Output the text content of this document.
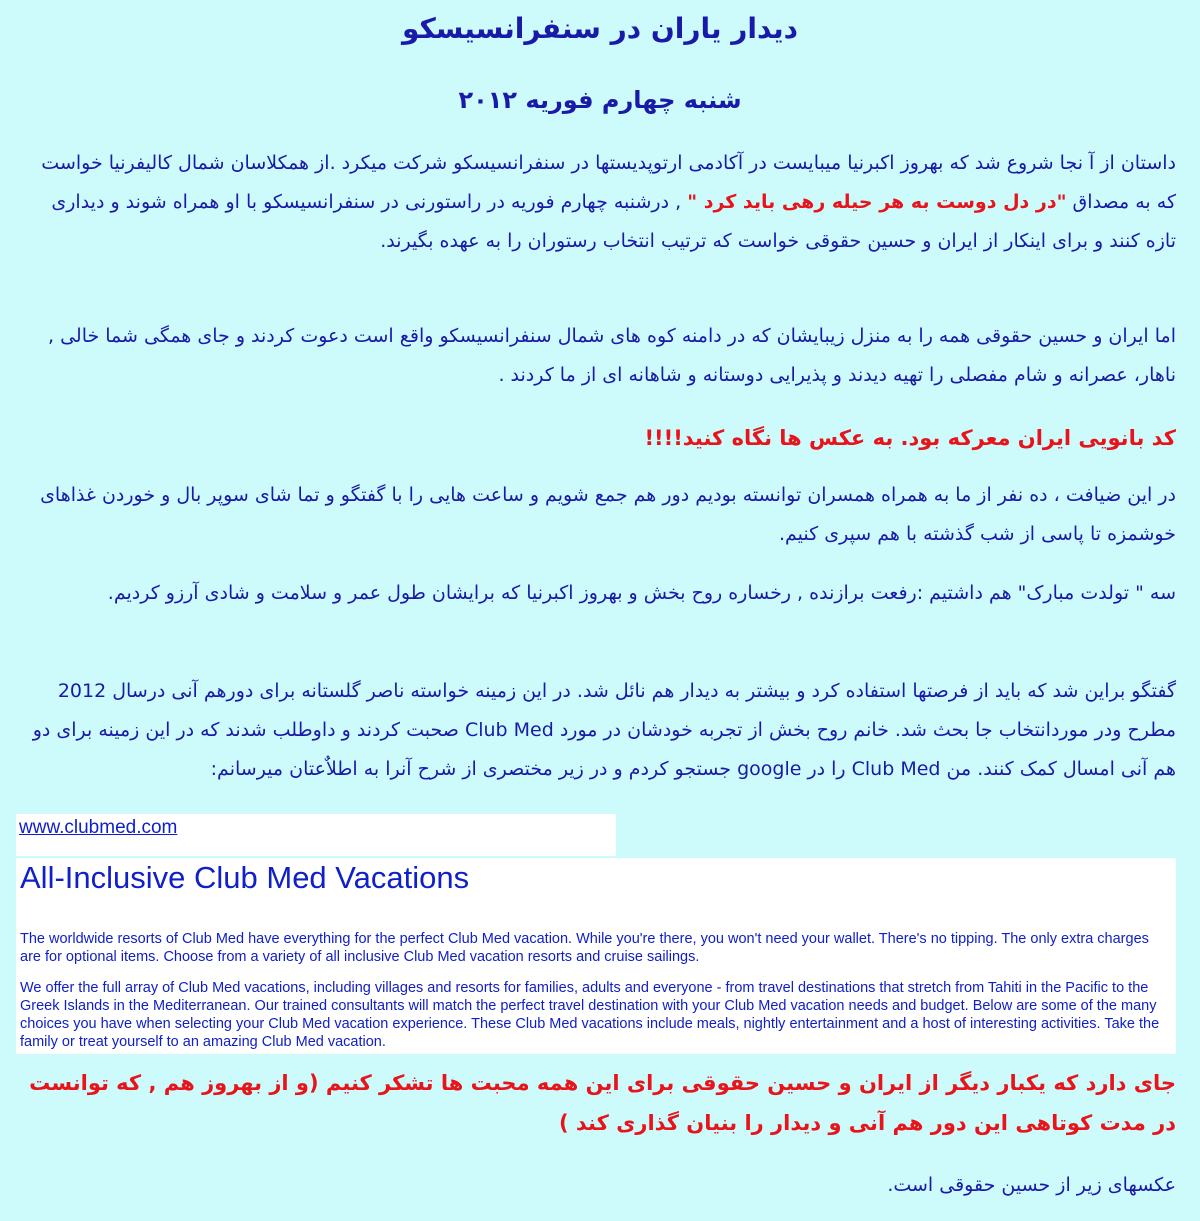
دیدار یاران در سنفرانسیسکو
شنبه چهارم فوریه ۲۰۱۲
داستان از آ نجا شروع شد که بهروز اکبرنیا میبایست در آکادمی ارتوپدیستها در سنفرانسیسکو شرکت میکرد .از همکلاسان شمال کالیفرنیا خواست که به مصداق "در دل دوست به هر حیله رهی باید کرد " , درشنبه چهارم فوریه در راستورنی در سنفرانسیسکو با او همراه شوند و دیداری تازه کنند و برای اینکار از ایران و حسین حقوقی خواست که ترتیب انتخاب رستوران را به عهده بگیرند.
اما ایران و حسین حقوقی همه را به منزل زیبایشان که در دامنه کوه های شمال سنفرانسیسکو واقع است دعوت کردند و جای همگی شما خالی , ناهار، عصرانه و شام مفصلی را تهیه دیدند و پذیرایی دوستانه و شاهانه ای از ما کردند .
کد بانویی ایران معرکه بود. به عکس ها نگاه کنید!!!!
در این ضیافت ، ده نفر از ما به همراه همسران توانسته بودیم دور هم جمع شویم و ساعت هایی را با گفتگو و تما شای سوپر بال و خوردن غذاهای خوشمزه تا پاسی از شب گذشته با هم سپری کنیم.
سه " تولدت مبارک" هم داشتیم :رفعت برازنده , رخساره روح بخش و بهروز اکبرنیا که برایشان طول عمر و سلامت و شادی آرزو کردیم.
گفتگو براین شد که باید از فرصتها استفاده کرد و بیشتر به دیدار هم نائل شد. در این زمینه خواسته ناصر گلستانه برای دورهم آنی درسال 2012 مطرح ودر موردانتخاب جا بحث شد. خانم روح بخش از تجربه خودشان در مورد Club Med صحبت کردند و داوطلب شدند که در این زمینه برای دو هم آنی امسال کمک کنند. من Club Med را در google جستجو کردم و در زیر مختصری از شرح آنرا به اطلاٌعتان میرسانم:
www.clubmed.com
All-Inclusive Club Med Vacations

The worldwide resorts of Club Med have everything for the perfect Club Med vacation. While you're there, you won't need your wallet. There's no tipping. The only extra charges are for optional items. Choose from a variety of all inclusive Club Med vacation resorts and cruise sailings.

We offer the full array of Club Med vacations, including villages and resorts for families, adults and everyone - from travel destinations that stretch from Tahiti in the Pacific to the Greek Islands in the Mediterranean. Our trained consultants will match the perfect travel destination with your Club Med vacation needs and budget. Below are some of the many choices you have when selecting your Club Med vacation experience. These Club Med vacations include meals, nightly entertainment and a host of interesting activities. Take the family or treat yourself to an amazing Club Med vacation.

جای دارد که یکبار دیگر از ایران و حسین حقوقی برای این همه محبت ها تشکر کنیم (و از بهروز هم , که توانست در مدت کوتاهی این دور هم آنی و دیدار را بنیان گذاری کند )
عکسهای زیر از حسین حقوقی است.
